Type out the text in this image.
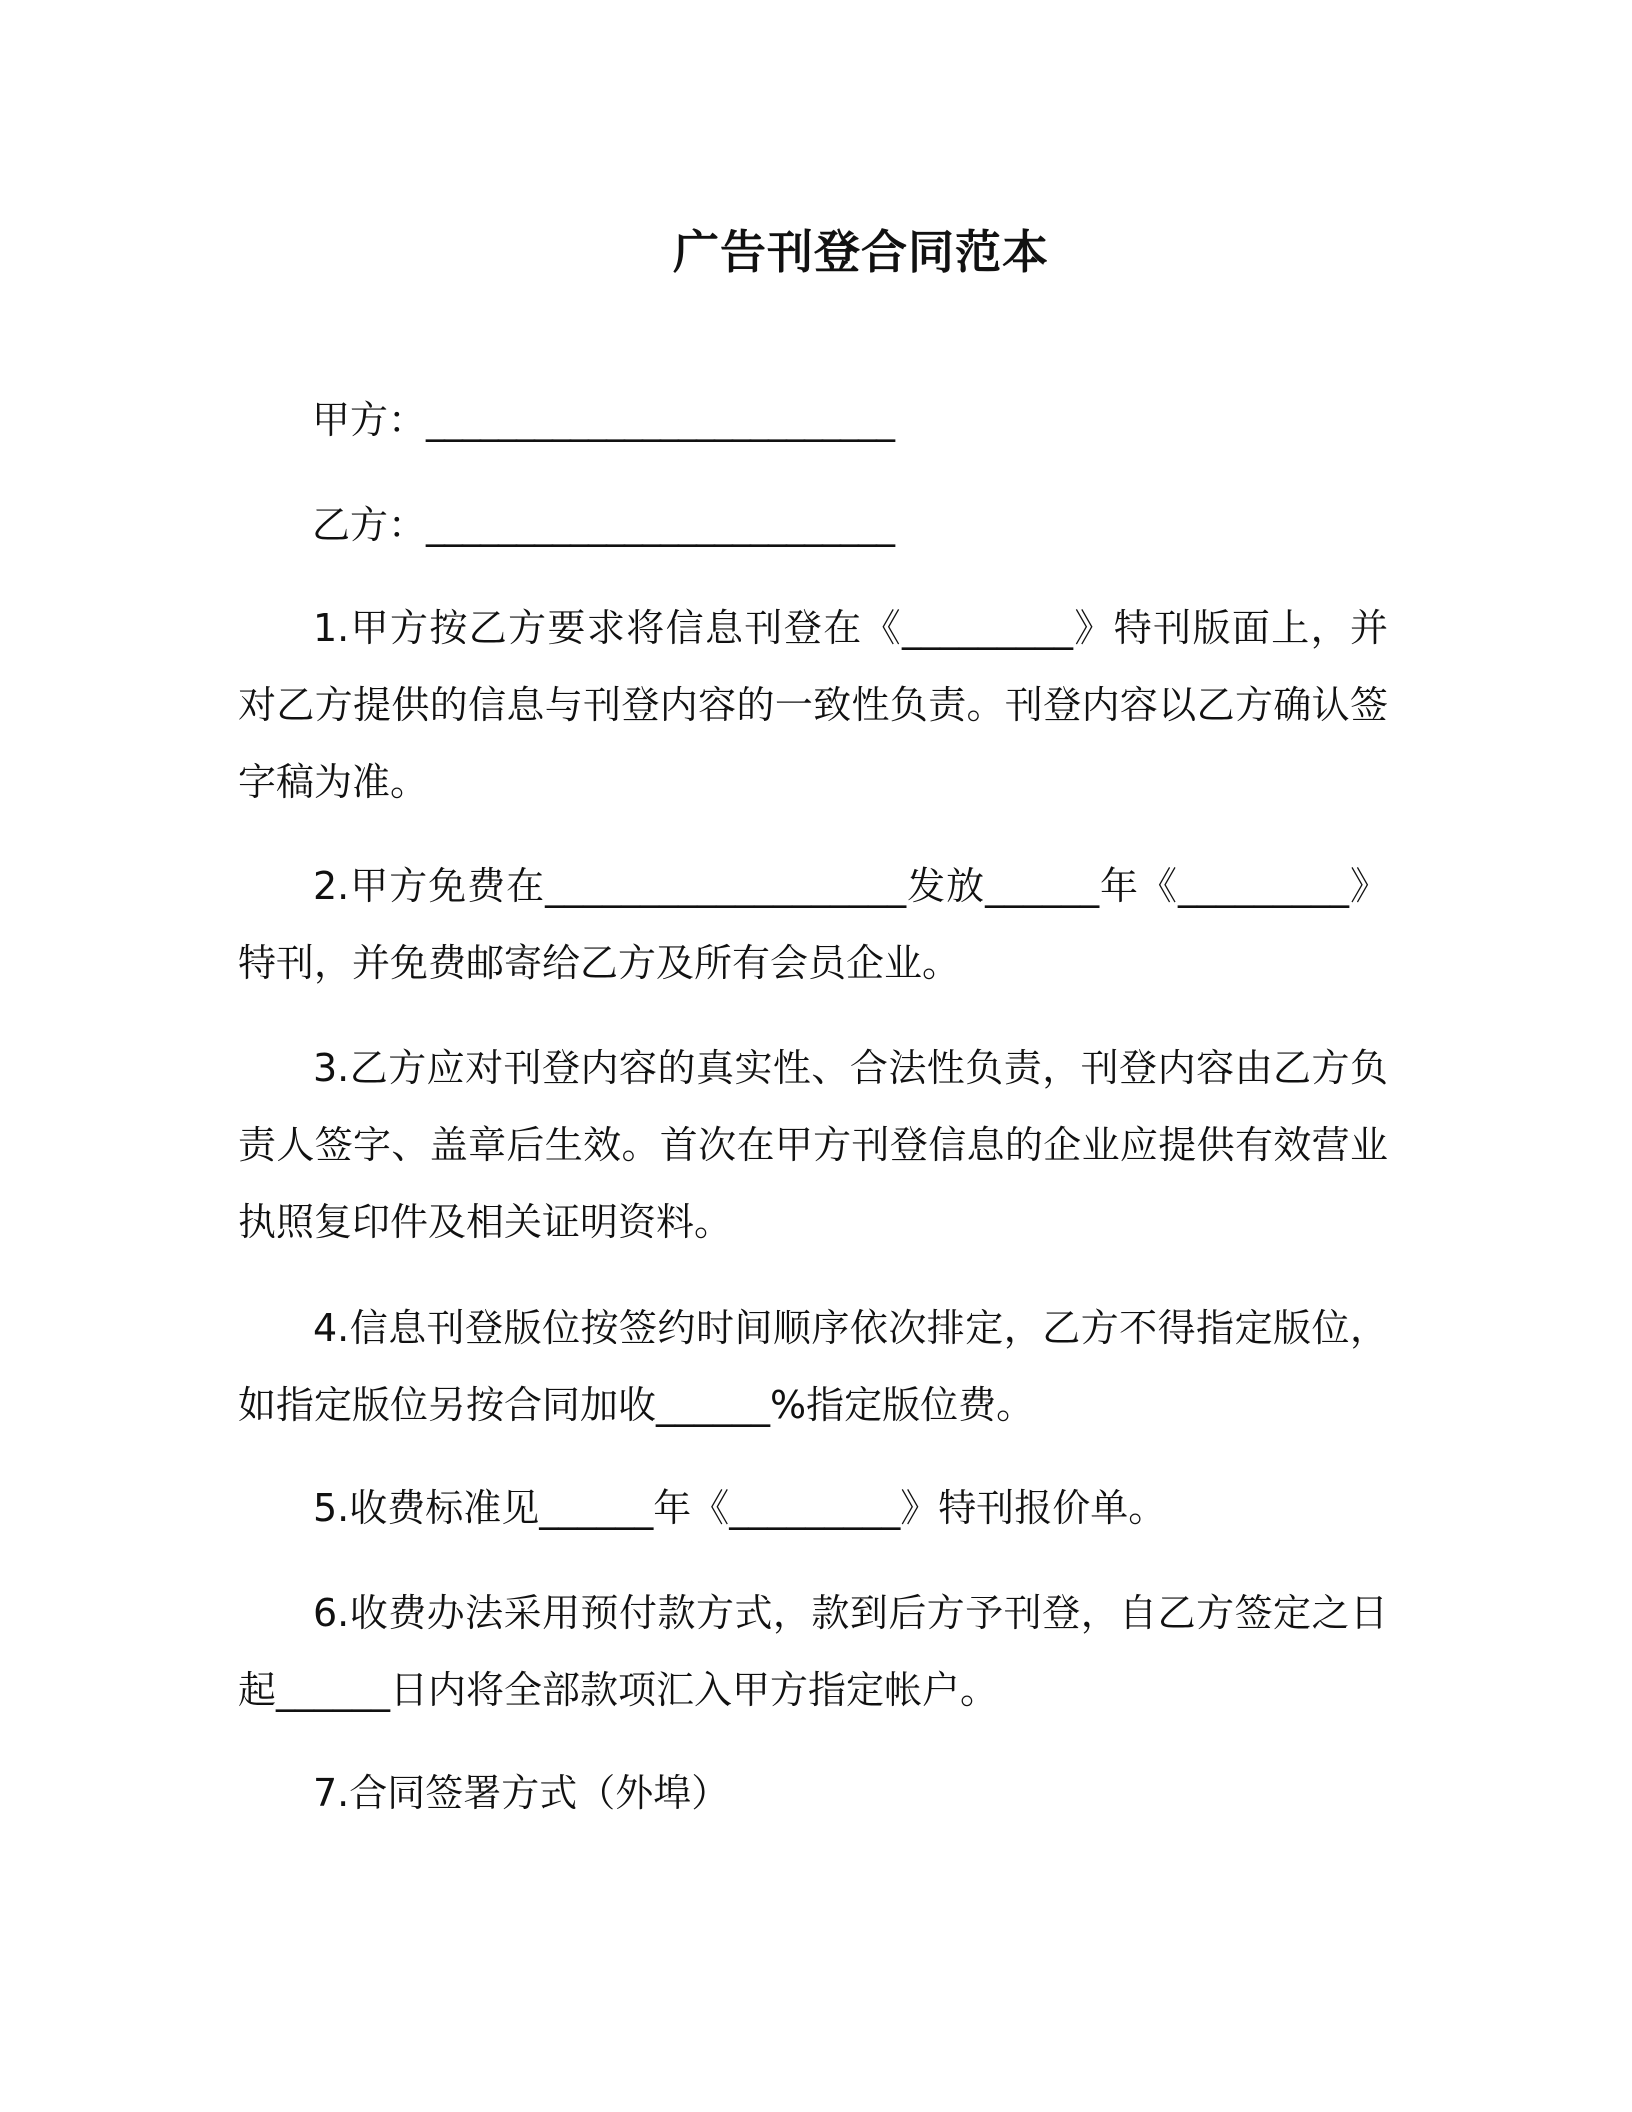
广告刊登合同范本
甲方：__________________________
乙方：__________________________

1.甲方按乙方要求将信息刊登在《_________》特刊版面上，并对乙方提供的信息与刊登内容的一致性负责。刊登内容以乙方确认签字稿为准。

2.甲方免费在___________________发放______年《_________》特刊，并免费邮寄给乙方及所有会员企业。

3.乙方应对刊登内容的真实性、合法性负责，刊登内容由乙方负责人签字、盖章后生效。首次在甲方刊登信息的企业应提供有效营业执照复印件及相关证明资料。

4.信息刊登版位按签约时间顺序依次排定，乙方不得指定版位，如指定版位另按合同加收______%指定版位费。

5.收费标准见______年《_________》特刊报价单。

6.收费办法采用预付款方式，款到后方予刊登，自乙方签定之日起______日内将全部款项汇入甲方指定帐户。

7.合同签署方式（外埠）
